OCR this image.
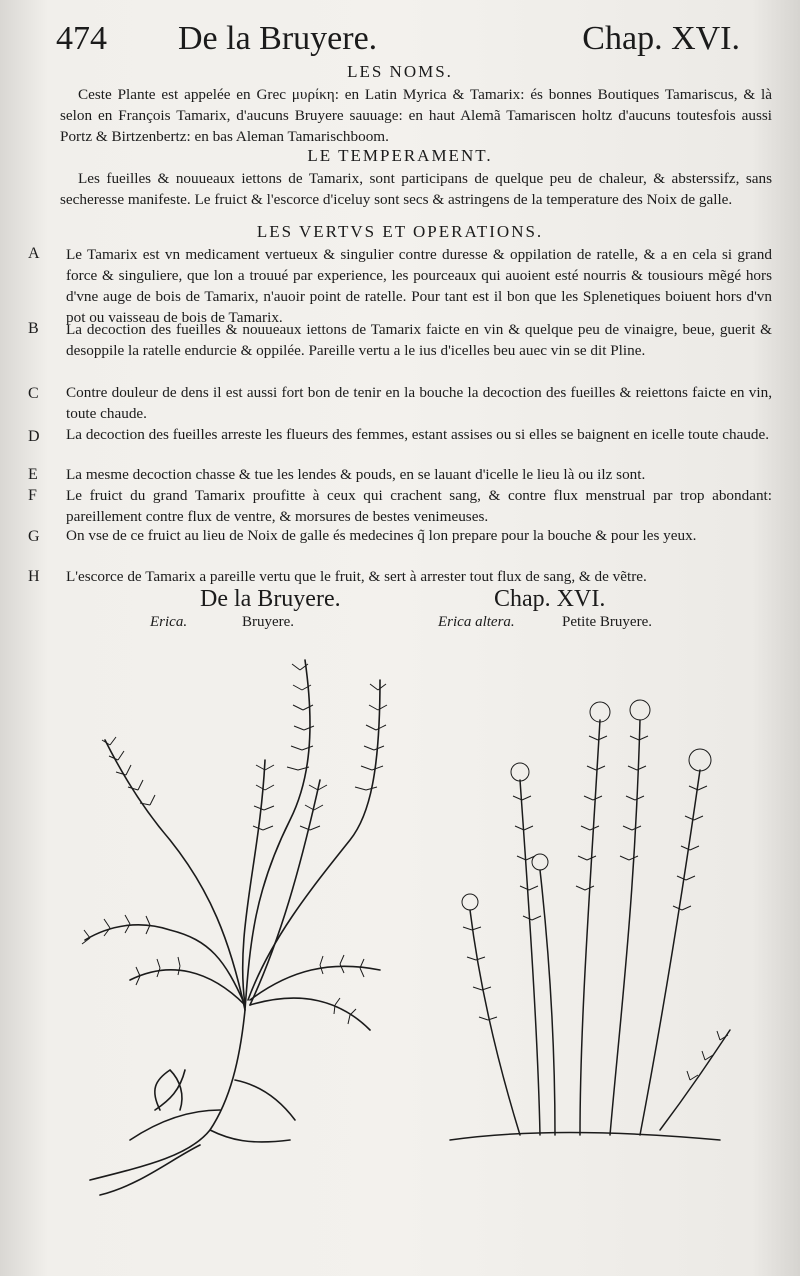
474 De la Bruyere.	Chap. XVI.
LES NOMS.
Ceste Plante est appelée en Grec μυρίκη: en Latin Myrica & Tamarix: és bonnes Boutiques Tamariscus, & là selon en François Tamarix, d'aucuns Bruyere sauuage: en haut Alemã Tamariscen holtz d'aucuns toutesfois aussi Portz & Birtzenbertz: en bas Aleman Tamarischboom.
LE TEMPERAMENT.
Les fueilles & nouueaux iettons de Tamarix, sont participans de quelque peu de chaleur, & absterssifz, sans secheresse manifeste. Le fruict & l'escorce d'iceluy sont secs & astringens de la temperature des Noix de galle.
LES VERTVS ET OPERATIONS.
A Le Tamarix est vn medicament vertueux & singulier contre duresse & oppilation de ratelle, & a en cela si grand force & singuliere, que lon a trouué par experience, les pourceaux qui auoient esté nourris & tousiours mẽgé hors d'vne auge de bois de Tamarix, n'auoir point de ratelle. Pour tant est il bon que les Splenetiques boiuent hors d'vn pot ou vaisseau de bois de Tamarix.
B La decoction des fueilles & nouueaux iettons de Tamarix faicte en vin & quelque peu de vinaigre, beue, guerit & desoppile la ratelle endurcie & oppilée. Pareille vertu a le ius d'icelles beu auec vin se dit Pline.
C Contre douleur de dens il est aussi fort bon de tenir en la bouche la decoction des fueilles & reiettons faicte en vin, toute chaude.
D La decoction des fueilles arreste les flueurs des femmes, estant assises ou si elles se baignent en icelle toute chaude.
E La mesme decoction chasse & tue les lendes & pouds, en se lauant d'icelle le lieu là ou ilz sont.
F Le fruict du grand Tamarix proufitte à ceux qui crachent sang, & contre flux menstrual par trop abondant: pareillement contre flux de ventre, & morsures de bestes venimeuses.
G On vse de ce fruict au lieu de Noix de galle és medecines q̃ lon prepare pour la bouche & pour les yeux.
H L'escorce de Tamarix a pareille vertu que le fruit, & sert à arrester tout flux de sang, & de vẽtre.
De la Bruyere.	Chap. XVI.
Erica.	Bruyere.	Erica altera.	Petite Bruyere.
